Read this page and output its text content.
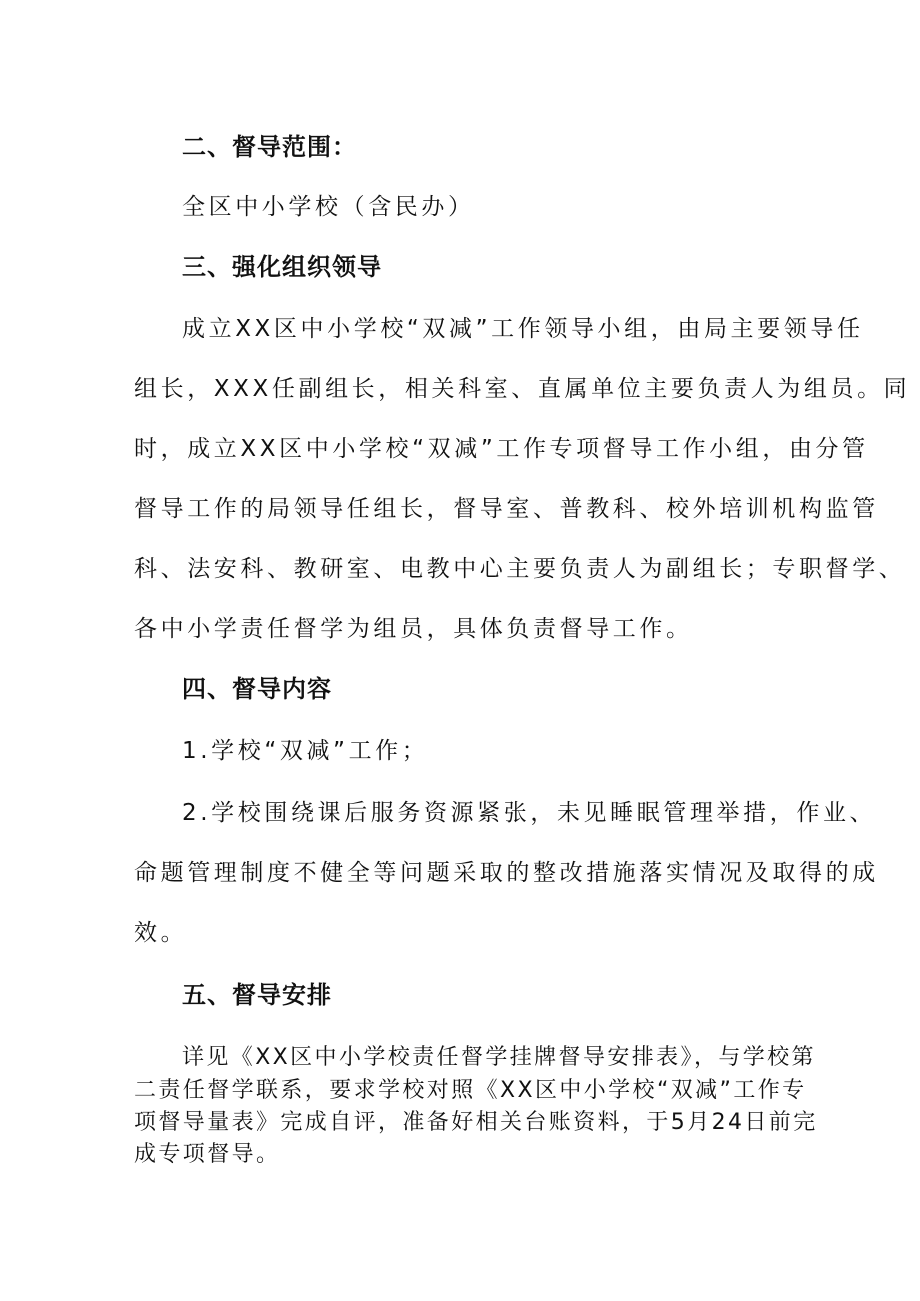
二、督导范围：
全区中小学校（含民办）
三、强化组织领导
成立XX区中小学校“双减”工作领导小组，由局主要领导任
组长，XXX任副组长，相关科室、直属单位主要负责人为组员。同
时，成立XX区中小学校“双减”工作专项督导工作小组，由分管
督导工作的局领导任组长，督导室、普教科、校外培训机构监管
科、法安科、教研室、电教中心主要负责人为副组长；专职督学、
各中小学责任督学为组员，具体负责督导工作。
四、督导内容
1.学校“双减”工作；
2.学校围绕课后服务资源紧张，未见睡眠管理举措，作业、
命题管理制度不健全等问题采取的整改措施落实情况及取得的成
效。
五、督导安排
详见《XX区中小学校责任督学挂牌督导安排表》，与学校第
二责任督学联系，要求学校对照《XX区中小学校“双减”工作专
项督导量表》完成自评，准备好相关台账资料，于5月24日前完
成专项督导。
